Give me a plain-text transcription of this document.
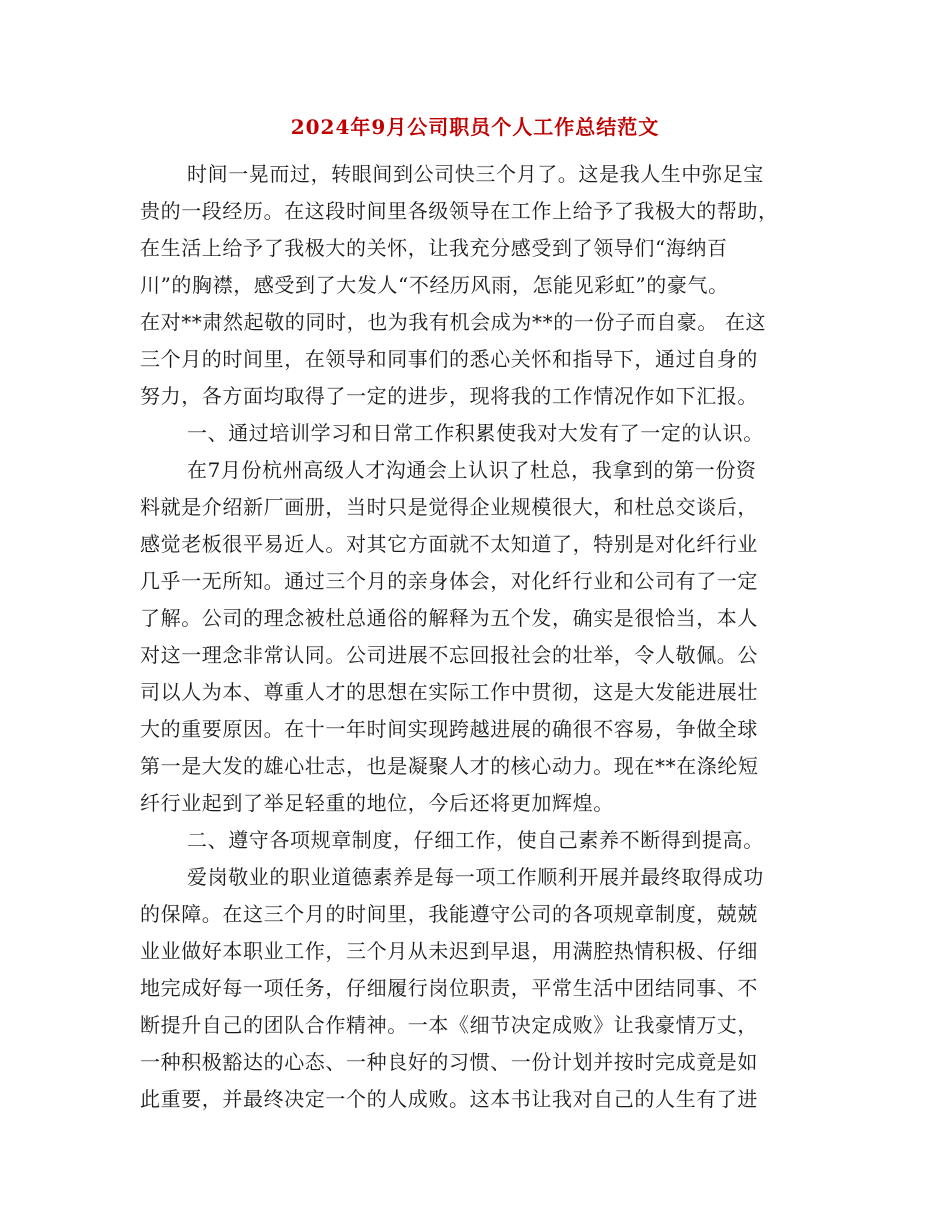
2024年9月公司职员个人工作总结范文
时间一晃而过，转眼间到公司快三个月了。这是我人生中弥足宝
贵的一段经历。在这段时间里各级领导在工作上给予了我极大的帮助，
在生活上给予了我极大的关怀，让我充分感受到了领导们“海纳百
川”的胸襟，感受到了大发人“不经历风雨，怎能见彩虹”的豪气。
在对**肃然起敬的同时，也为我有机会成为**的一份子而自豪。 在这
三个月的时间里，在领导和同事们的悉心关怀和指导下，通过自身的
努力，各方面均取得了一定的进步，现将我的工作情况作如下汇报。
一、通过培训学习和日常工作积累使我对大发有了一定的认识。
在7月份杭州高级人才沟通会上认识了杜总，我拿到的第一份资
料就是介绍新厂画册，当时只是觉得企业规模很大，和杜总交谈后，
感觉老板很平易近人。对其它方面就不太知道了，特别是对化纤行业
几乎一无所知。通过三个月的亲身体会，对化纤行业和公司有了一定
了解。公司的理念被杜总通俗的解释为五个发，确实是很恰当，本人
对这一理念非常认同。公司进展不忘回报社会的壮举，令人敬佩。公
司以人为本、尊重人才的思想在实际工作中贯彻，这是大发能进展壮
大的重要原因。在十一年时间实现跨越进展的确很不容易，争做全球
第一是大发的雄心壮志，也是凝聚人才的核心动力。现在**在涤纶短
纤行业起到了举足轻重的地位，今后还将更加辉煌。
二、遵守各项规章制度，仔细工作，使自己素养不断得到提高。
爱岗敬业的职业道德素养是每一项工作顺利开展并最终取得成功
的保障。在这三个月的时间里，我能遵守公司的各项规章制度，兢兢
业业做好本职业工作，三个月从未迟到早退，用满腔热情积极、仔细
地完成好每一项任务，仔细履行岗位职责，平常生活中团结同事、不
断提升自己的团队合作精神。一本《细节决定成败》让我豪情万丈，
一种积极豁达的心态、一种良好的习惯、一份计划并按时完成竟是如
此重要，并最终决定一个的人成败。这本书让我对自己的人生有了进
